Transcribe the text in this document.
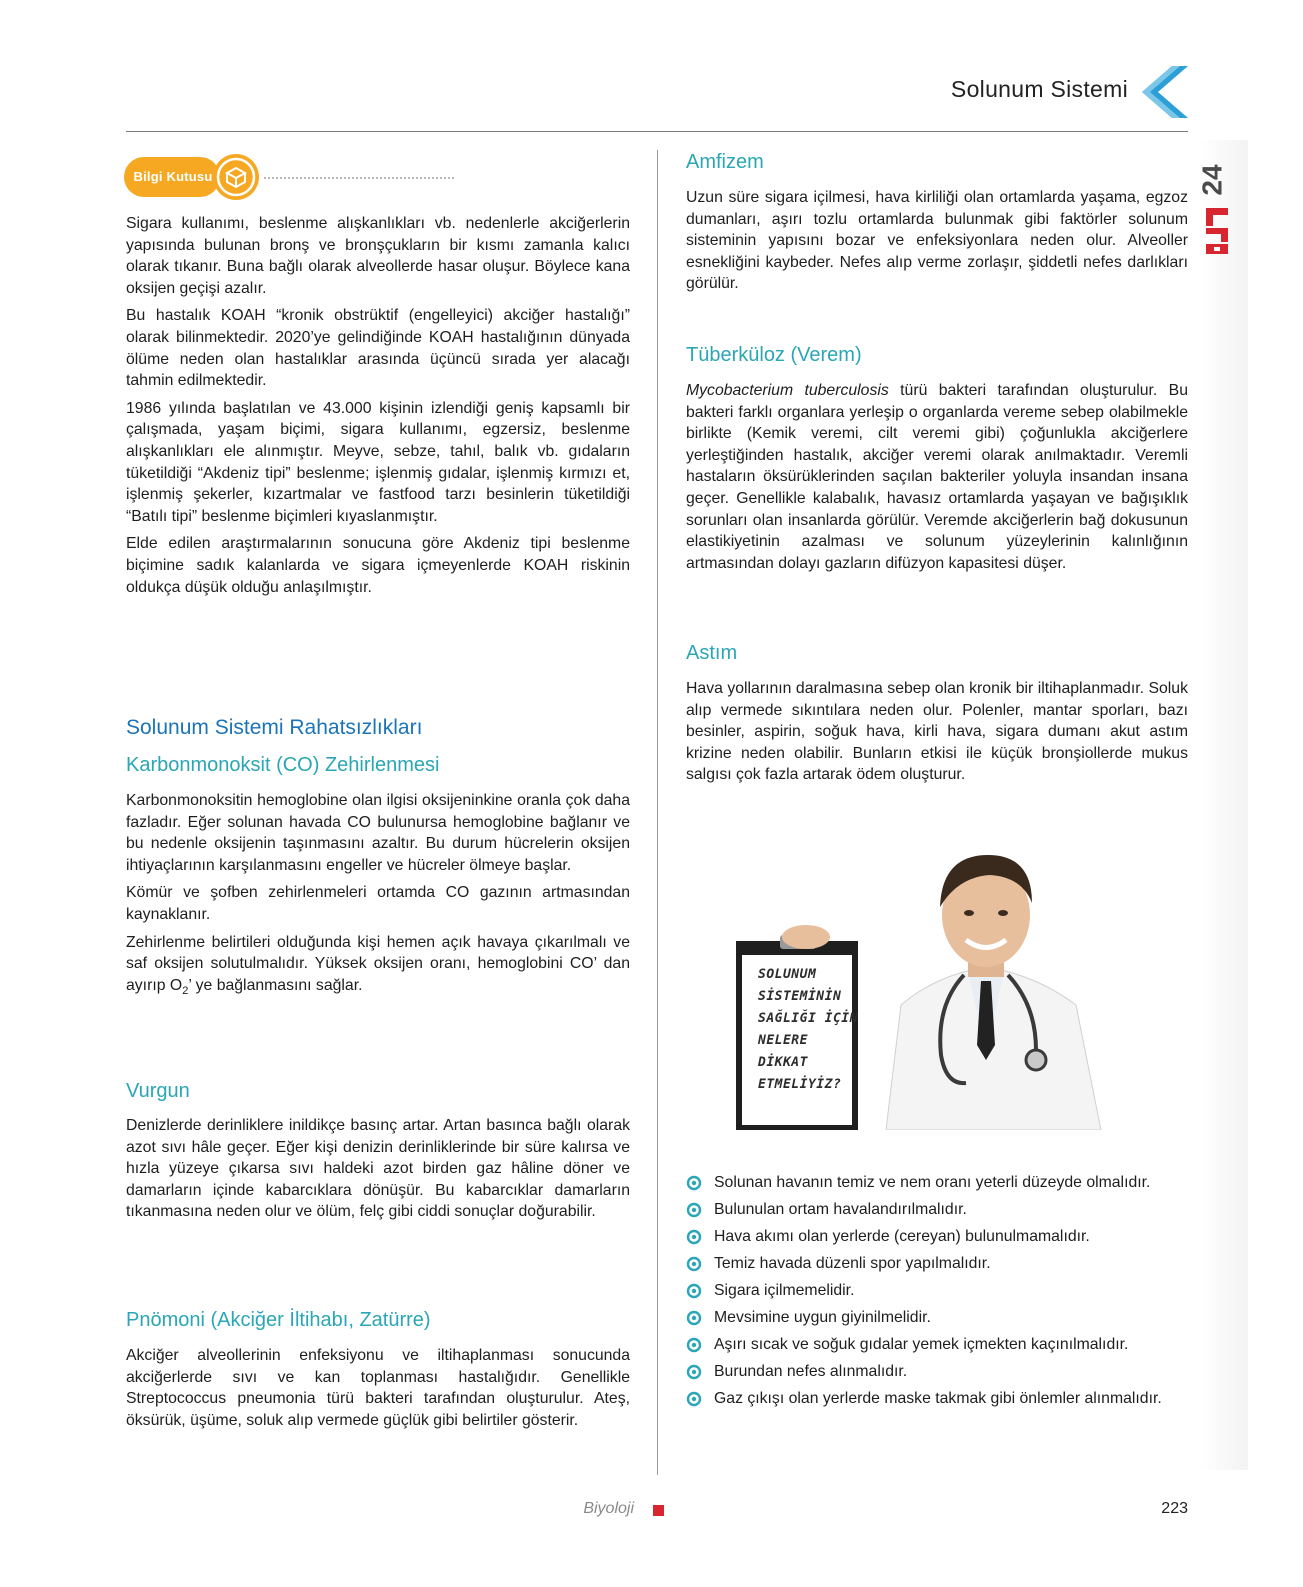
Solunum Sistemi
24
Bilgi Kutusu

Sigara kullanımı, beslenme alışkanlıkları vb. nedenlerle akciğerlerin yapısında bulunan bronş ve bronşçukların bir kısmı zamanla kalıcı olarak tıkanır. Buna bağlı olarak alveollerde hasar oluşur. Böylece kana oksijen geçişi azalır.

Bu hastalık KOAH “kronik obstrüktif (engelleyici) akciğer hastalığı” olarak bilinmektedir. 2020’ye gelindiğinde KOAH hastalığının dünyada ölüme neden olan hastalıklar arasında üçüncü sırada yer alacağı tahmin edilmektedir.

1986 yılında başlatılan ve 43.000 kişinin izlendiği geniş kapsamlı bir çalışmada, yaşam biçimi, sigara kullanımı, egzersiz, beslenme alışkanlıkları ele alınmıştır. Meyve, sebze, tahıl, balık vb. gıdaların tüketildiği “Akdeniz tipi” beslenme; işlenmiş gıdalar, işlenmiş kırmızı et, işlenmiş şekerler, kızartmalar ve fastfood tarzı besinlerin tüketildiği “Batılı tipi” beslenme biçimleri kıyaslanmıştır.

Elde edilen araştırmalarının sonucuna göre Akdeniz tipi beslenme biçimine sadık kalanlarda ve sigara içmeyenlerde KOAH riskinin oldukça düşük olduğu anlaşılmıştır.

Solunum Sistemi Rahatsızlıkları
Karbonmonoksit (CO) Zehirlenmesi

Karbonmonoksitin hemoglobine olan ilgisi oksijeninkine oranla çok daha fazladır. Eğer solunan havada CO bulunursa hemoglobine bağlanır ve bu nedenle oksijenin taşınmasını azaltır. Bu durum hücrelerin oksijen ihtiyaçlarının karşılanmasını engeller ve hücreler ölmeye başlar.

Kömür ve şofben zehirlenmeleri ortamda CO gazının artmasından kaynaklanır.

Zehirlenme belirtileri olduğunda kişi hemen açık havaya çıkarılmalı ve saf oksijen solutulmalıdır. Yüksek oksijen oranı, hemoglobini CO’ dan ayırıp $O_2$’ ye bağlanmasını sağlar.

Vurgun

Denizlerde derinliklere inildikçe basınç artar. Artan basınca bağlı olarak azot sıvı hâle geçer. Eğer kişi denizin derinliklerinde bir süre kalırsa ve hızla yüzeye çıkarsa sıvı haldeki azot birden gaz hâline döner ve damarların içinde kabarcıklara dönüşür. Bu kabarcıklar damarların tıkanmasına neden olur ve ölüm, felç gibi ciddi sonuçlar doğurabilir.

Pnömoni (Akciğer İltihabı, Zatürre)

Akciğer alveollerinin enfeksiyonu ve iltihaplanması sonucunda akciğerlerde sıvı ve kan toplanması hastalığıdır. Genellikle Streptococcus pneumonia türü bakteri tarafından oluşturulur. Ateş, öksürük, üşüme, soluk alıp vermede güçlük gibi belirtiler gösterir.

Amfizem

Uzun süre sigara içilmesi, hava kirliliği olan ortamlarda yaşama, egzoz dumanları, aşırı tozlu ortamlarda bulunmak gibi faktörler solunum sisteminin yapısını bozar ve enfeksiyonlara neden olur. Alveoller esnekliğini kaybeder. Nefes alıp verme zorlaşır, şiddetli nefes darlıkları görülür.

Tüberküloz (Verem)

Mycobacterium tuberculosis türü bakteri tarafından oluşturulur. Bu bakteri farklı organlara yerleşip o organlarda vereme sebep olabilmekle birlikte (Kemik veremi, cilt veremi gibi) çoğunlukla akciğerlere yerleştiğinden hastalık, akciğer veremi olarak anılmaktadır. Veremli hastaların öksürüklerinden saçılan bakteriler yoluyla insandan insana geçer. Genellikle kalabalık, havasız ortamlarda yaşayan ve bağışıklık sorunları olan insanlarda görülür. Veremde akciğerlerin bağ dokusunun elastikiyetinin azalması ve solunum yüzeylerinin kalınlığının artmasından dolayı gazların difüzyon kapasitesi düşer.

Astım

Hava yollarının daralmasına sebep olan kronik bir iltihaplanmadır. Soluk alıp vermede sıkıntılara neden olur. Polenler, mantar sporları, bazı besinler, aspirin, soğuk hava, kirli hava, sigara dumanı akut astım krizine neden olabilir. Bunların etkisi ile küçük bronşiollerde mukus salgısı çok fazla artarak ödem oluşturur.

SOLUNUM
SİSTEMİNİN
SAĞLIĞI İÇİN
NELERE
DİKKAT
ETMELİYİZ?
Solunan havanın temiz ve nem oranı yeterli düzeyde olmalıdır.
Bulunulan ortam havalandırılmalıdır.
Hava akımı olan yerlerde (cereyan) bulunulmamalıdır.
Temiz havada düzenli spor yapılmalıdır.
Sigara içilmemelidir.
Mevsimine uygun giyinilmelidir.
Aşırı sıcak ve soğuk gıdalar yemek içmekten kaçınılmalıdır.
Burundan nefes alınmalıdır.
Gaz çıkışı olan yerlerde maske takmak gibi önlemler alınmalıdır.
Biyoloji	223
